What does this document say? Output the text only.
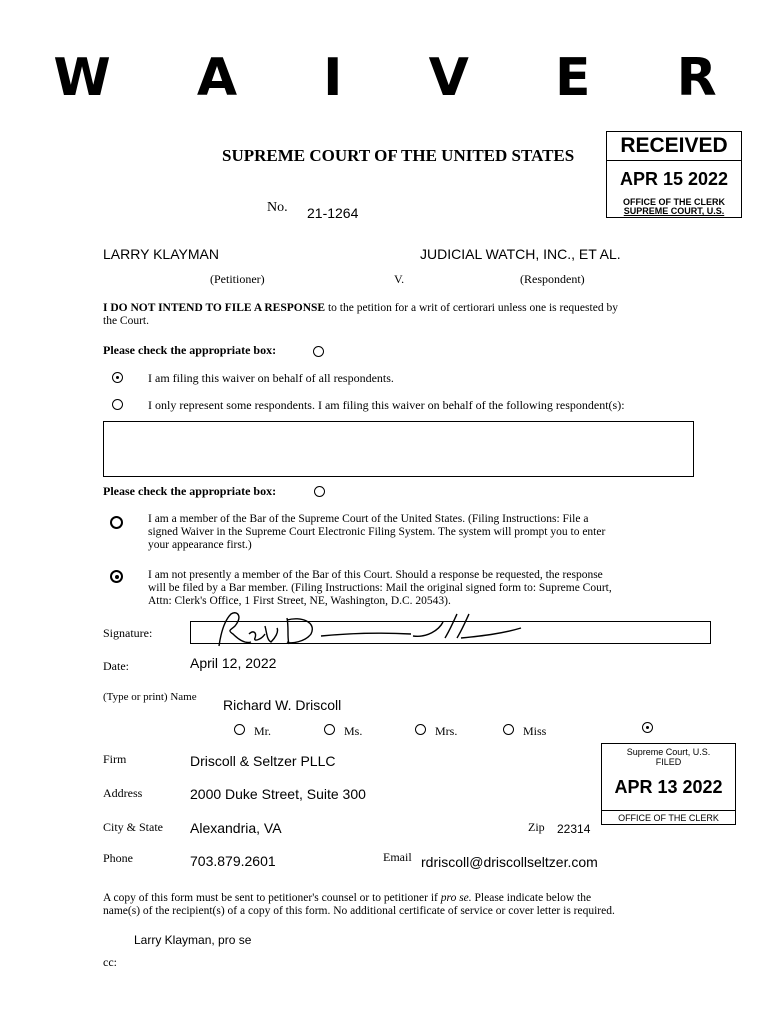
W A I V E R
SUPREME COURT OF THE UNITED STATES	RECEIVED
APR 15 2022
OFFICE OF THE CLERK
SUPREME COURT, U.S.
No. 21-1264
LARRY KLAYMAN	JUDICIAL WATCH, INC., ET AL.
(Petitioner)	V.	(Respondent)
I DO NOT INTEND TO FILE A RESPONSE to the petition for a writ of certiorari unless one is requested by
the Court.
Please check the appropriate box:
I am filing this waiver on behalf of all respondents.
I only represent some respondents. I am filing this waiver on behalf of the following respondent(s):
Please check the appropriate box:
I am a member of the Bar of the Supreme Court of the United States. (Filing Instructions: File a
signed Waiver in the Supreme Court Electronic Filing System. The system will prompt you to enter
your appearance first.)
I am not presently a member of the Bar of this Court. Should a response be requested, the response
will be filed by a Bar member. (Filing Instructions: Mail the original signed form to: Supreme Court,
Attn: Clerk's Office, 1 First Street, NE, Washington, D.C. 20543).
Signature:
Date:	April 12, 2022
(Type or print) Name Richard W. Driscoll
Mr.	Ms.	Mrs.	Miss
Firm	Driscoll & Seltzer PLLC
Supreme Court, U.S.
FILED
APR 13 2022
OFFICE OF THE CLERK
Address	2000 Duke Street, Suite 300
City & State Alexandria, VA	Zip 22314
Phone	703.879.2601	Email rdriscoll@driscollseltzer.com
A copy of this form must be sent to petitioner's counsel or to petitioner if pro se. Please indicate below the
name(s) of the recipient(s) of a copy of this form. No additional certificate of service or cover letter is required.
Larry Klayman, pro se
cc:
